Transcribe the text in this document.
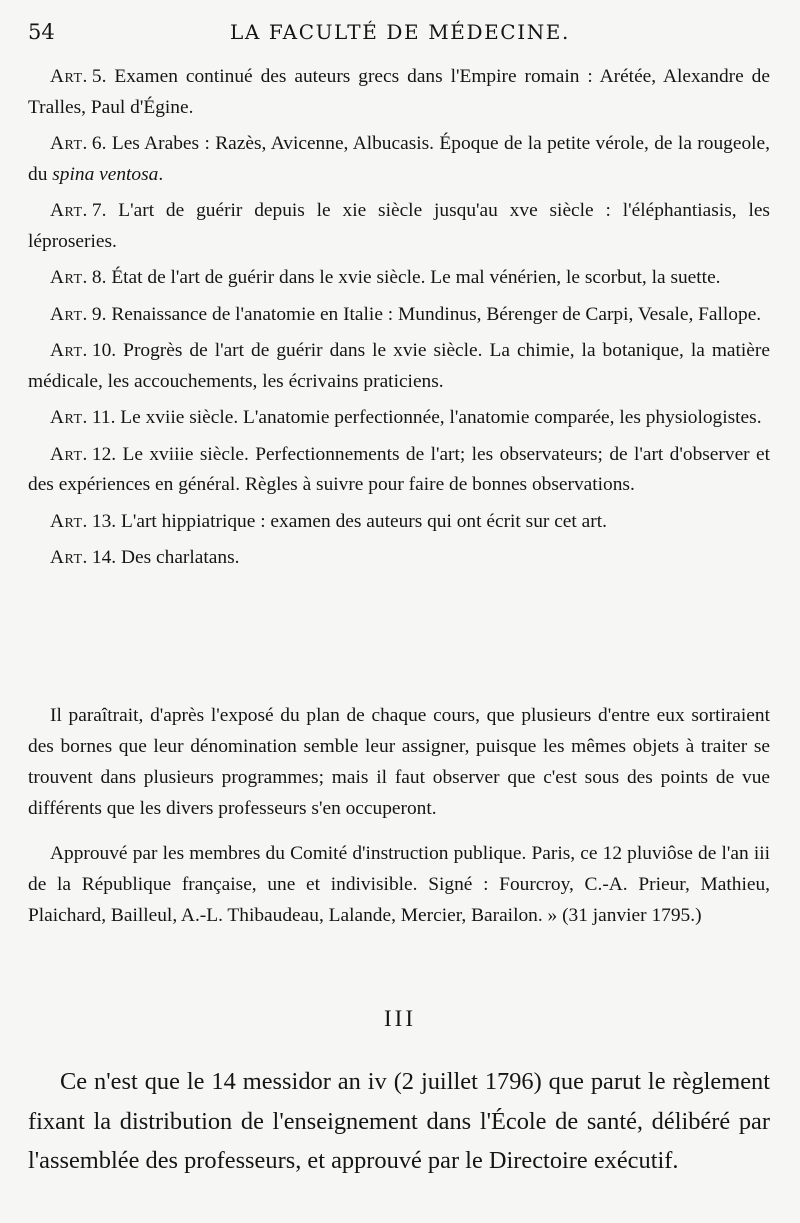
54	LA FACULTÉ DE MÉDECINE.

Art. 5. Examen continué des auteurs grecs dans l'Empire romain : Arétée, Alexandre de Tralles, Paul d'Égine.

Art. 6. Les Arabes : Razès, Avicenne, Albucasis. Époque de la petite vérole, de la rougeole, du spina ventosa.

Art. 7. L'art de guérir depuis le xie siècle jusqu'au xve siècle : l'éléphantiasis, les léproseries.

Art. 8. État de l'art de guérir dans le xvie siècle. Le mal vénérien, le scorbut, la suette.

Art. 9. Renaissance de l'anatomie en Italie : Mundinus, Bérenger de Carpi, Vesale, Fallope.

Art. 10. Progrès de l'art de guérir dans le xvie siècle. La chimie, la botanique, la matière médicale, les accouchements, les écrivains praticiens.

Art. 11. Le xviie siècle. L'anatomie perfectionnée, l'anatomie comparée, les physiologistes.

Art. 12. Le xviiie siècle. Perfectionnements de l'art; les observateurs; de l'art d'observer et des expériences en général. Règles à suivre pour faire de bonnes observations.

Art. 13. L'art hippiatrique : examen des auteurs qui ont écrit sur cet art.

Art. 14. Des charlatans.

Il paraîtrait, d'après l'exposé du plan de chaque cours, que plusieurs d'entre eux sortiraient des bornes que leur dénomination semble leur assigner, puisque les mêmes objets à traiter se trouvent dans plusieurs programmes; mais il faut observer que c'est sous des points de vue différents que les divers professeurs s'en occuperont.

Approuvé par les membres du Comité d'instruction publique. Paris, ce 12 pluviôse de l'an iii de la République française, une et indivisible. Signé : Fourcroy, C.-A. Prieur, Mathieu, Plaichard, Bailleul, A.-L. Thibaudeau, Lalande, Mercier, Barailon. » (31 janvier 1795.)

III

Ce n'est que le 14 messidor an iv (2 juillet 1796) que parut le règlement fixant la distribution de l'enseignement dans l'École de santé, délibéré par l'assemblée des professeurs, et approuvé par le Directoire exécutif.
